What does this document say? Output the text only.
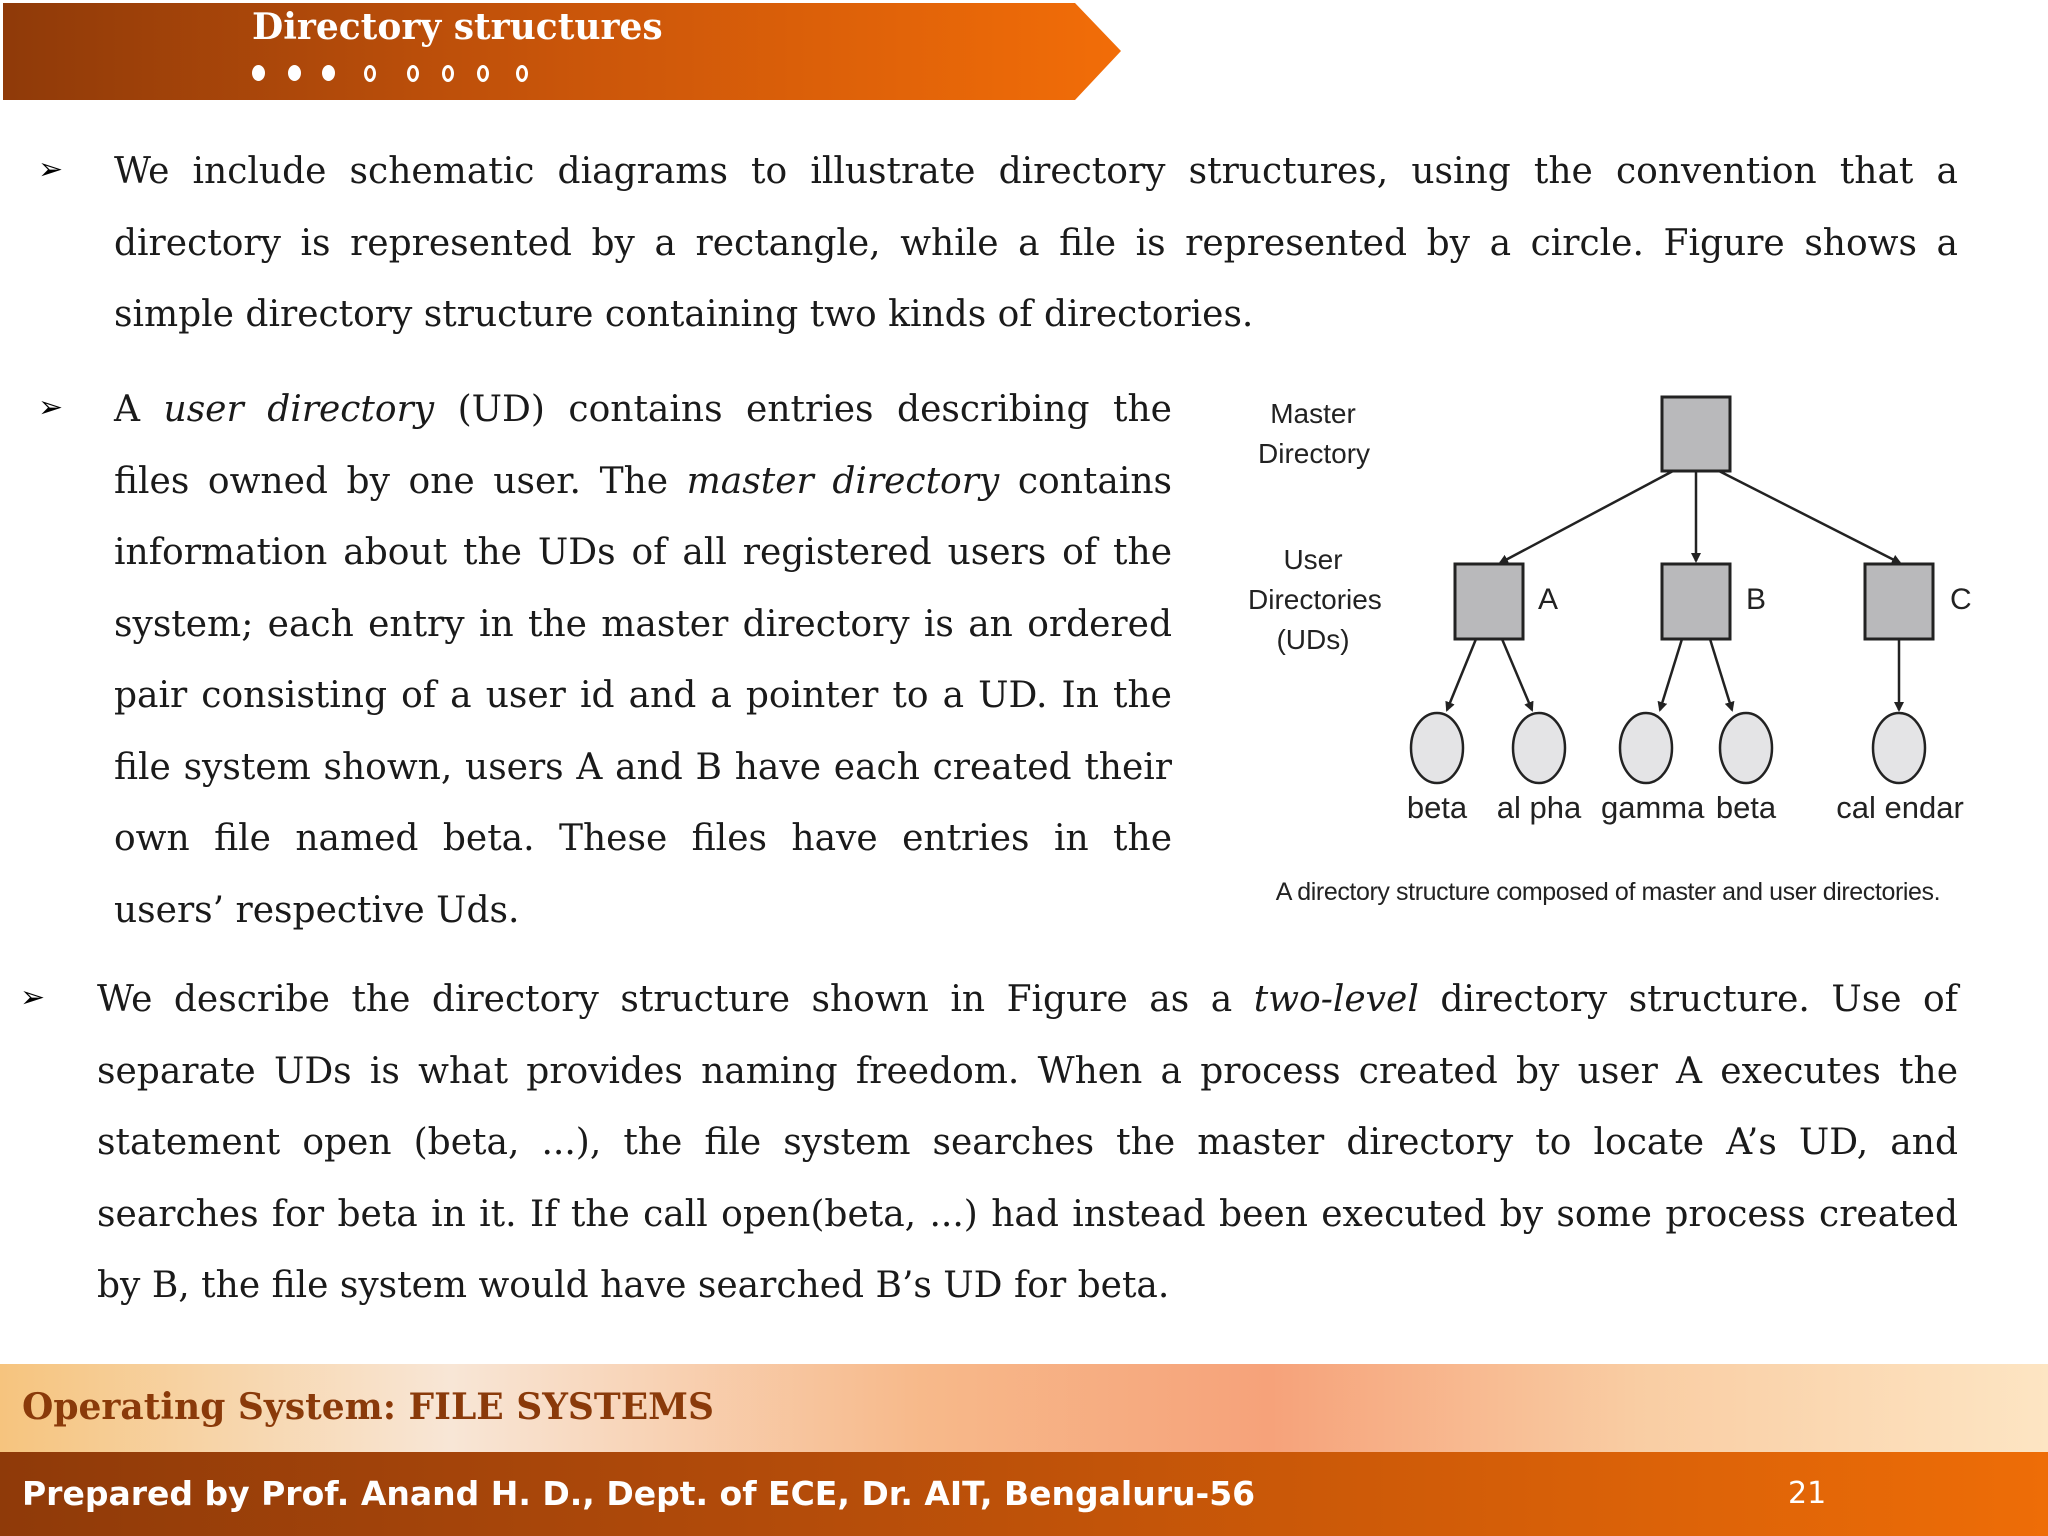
Directory structures
➢ We include schematic diagrams to illustrate directory structures, using the convention that a directory is represented by a rectangle, while a file is represented by a circle. Figure shows a simple directory structure containing two kinds of directories.
➢ A user directory (UD) contains entries describing the files owned by one user. The master directory contains information about the UDs of all registered users of the system; each entry in the master directory is an ordered pair consisting of a user id and a pointer to a UD. In the file system shown, users A and B have each created their own file named beta. These files have entries in the users’ respective Uds.
Master
Directory
User
Directories
(UDs)
A	B	C
beta al pha gamma beta	cal endar
A directory structure composed of master and user directories.
➢ We describe the directory structure shown in Figure as a two-level directory structure. Use of separate UDs is what provides naming freedom. When a process created by user A executes the statement open (beta, ...), the file system searches the master directory to locate A’s UD, and searches for beta in it. If the call open(beta, ...) had instead been executed by some process created by B, the file system would have searched B’s UD for beta.
Operating System: FILE SYSTEMS
Prepared by Prof. Anand H. D., Dept. of ECE, Dr. AIT, Bengaluru-56	21
